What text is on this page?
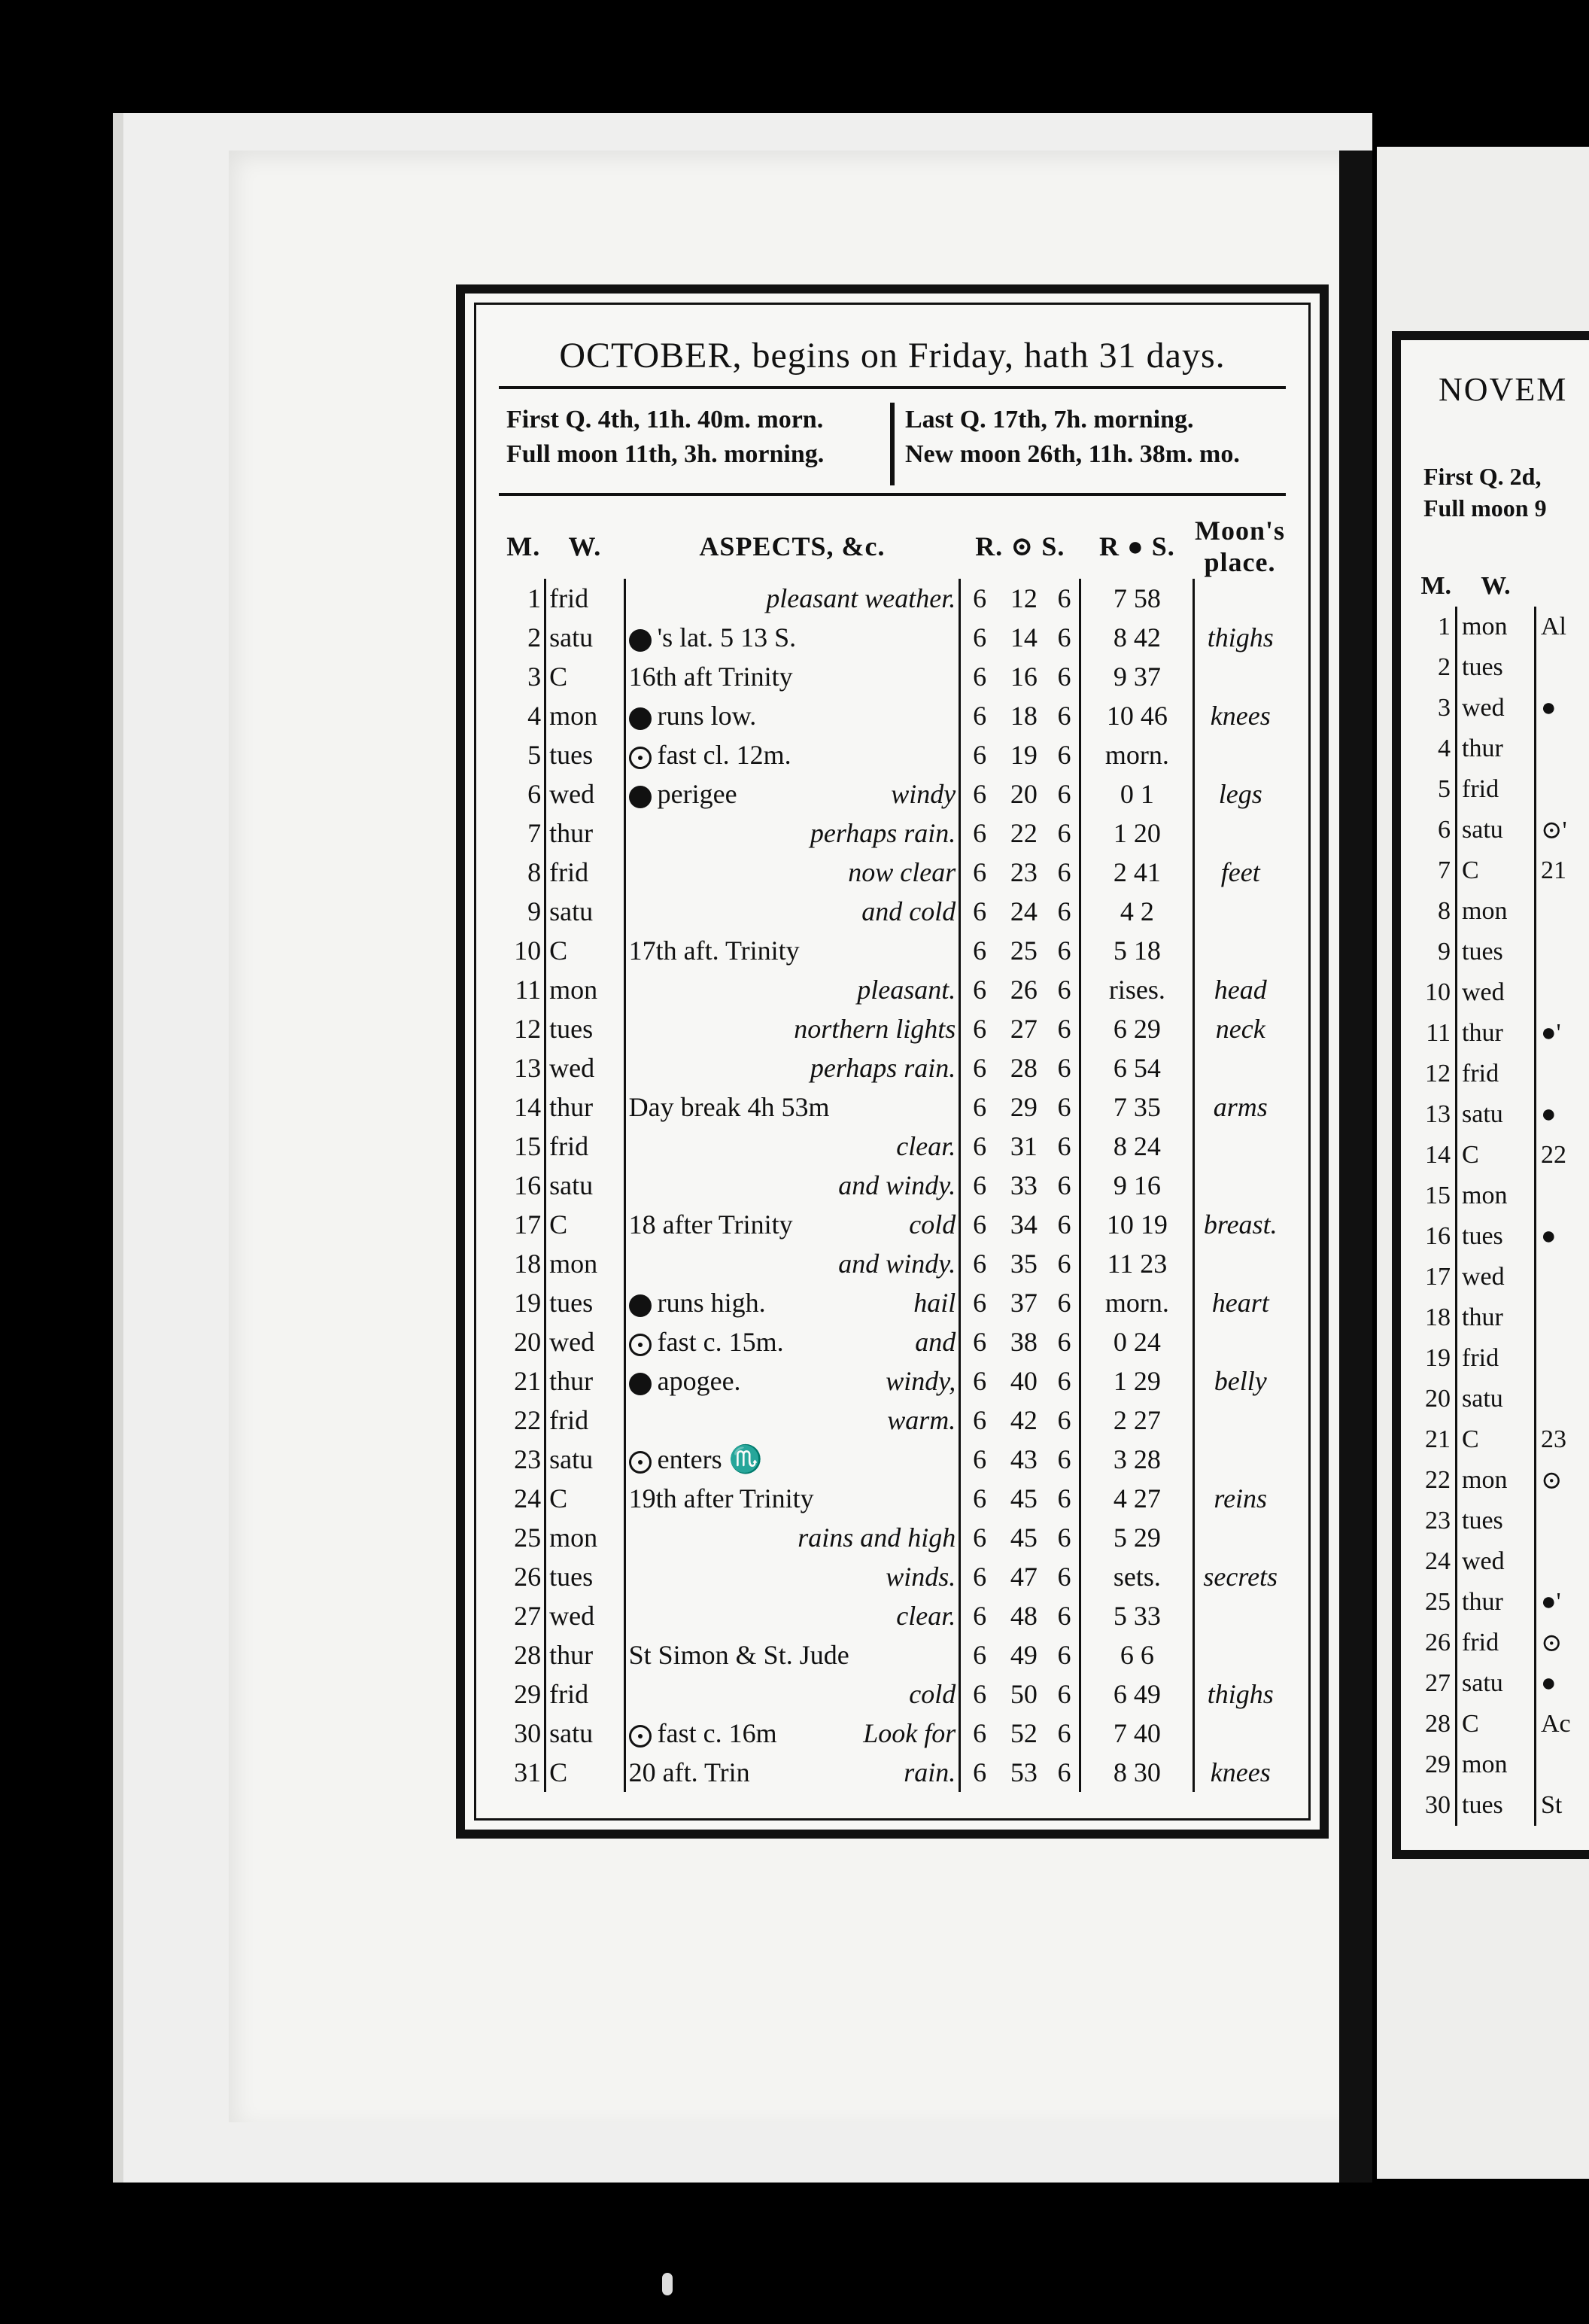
OCTOBER, begins on Friday, hath 31 days.
First Q. 4th, 11h. 40m. morn.
Full moon 11th, 3h. morning.
Last Q. 17th, 7h. morning.
New moon 26th, 11h. 38m. mo.
M.	W.	ASPECTS, &c.	R. ⊙ S.			R ● S.	Moon's place.
1	frid	pleasant weather.	6	12	6	7 58	
2	satu	's lat. 5 13 S.	6	14	6	8 42	thighs
3	C	16th aft Trinity	6	16	6	9 37	
4	mon	runs low.	6	18	6	10 46	knees
5	tues	fast cl. 12m.	6	19	6	morn.	
6	wed	perigee windy	6	20	6	0 1	legs
7	thur	perhaps rain.	6	22	6	1 20	
8	frid	now clear	6	23	6	2 41	feet
9	satu	and cold	6	24	6	4 2	
10	C	17th aft. Trinity	6	25	6	5 18	
11	mon	pleasant.	6	26	6	rises.	head
12	tues	northern lights	6	27	6	6 29	neck
13	wed	perhaps rain.	6	28	6	6 54	
14	thur	Day break 4h 53m	6	29	6	7 35	arms
15	frid	clear.	6	31	6	8 24	
16	satu	and windy.	6	33	6	9 16	
17	C	18 after Trinity cold	6	34	6	10 19	breast.
18	mon	and windy.	6	35	6	11 23	
19	tues	runs high. hail	6	37	6	morn.	heart
20	wed	fast c. 15m. and	6	38	6	0 24	
21	thur	apogee. windy,	6	40	6	1 29	belly
22	frid	warm.	6	42	6	2 27	
23	satu	enters ♏	6	43	6	3 28	
24	C	19th after Trinity	6	45	6	4 27	reins
25	mon	rains and high	6	45	6	5 29	
26	tues	winds.	6	47	6	sets.	secrets
27	wed	clear.	6	48	6	5 33	
28	thur	St Simon & St. Jude	6	49	6	6 6	
29	frid	cold	6	50	6	6 49	thighs
30	satu	fast c. 16m Look for	6	52	6	7 40	
31	C	20 aft. Trin rain.	6	53	6	8 30	knees
NOVEM
First Q. 2d,
Full moon 9
M.	W.	
1	mon	Al
2	tues	
3	wed	●
4	thur	
5	frid	
6	satu	⊙'
7	C	21
8	mon	
9	tues	
10	wed	
11	thur	●'
12	frid	
13	satu	●
14	C	22
15	mon	
16	tues	●
17	wed	
18	thur	
19	frid	
20	satu	
21	C	23
22	mon	⊙
23	tues	
24	wed	
25	thur	●'
26	frid	⊙
27	satu	●
28	C	Ac
29	mon	
30	tues	St
